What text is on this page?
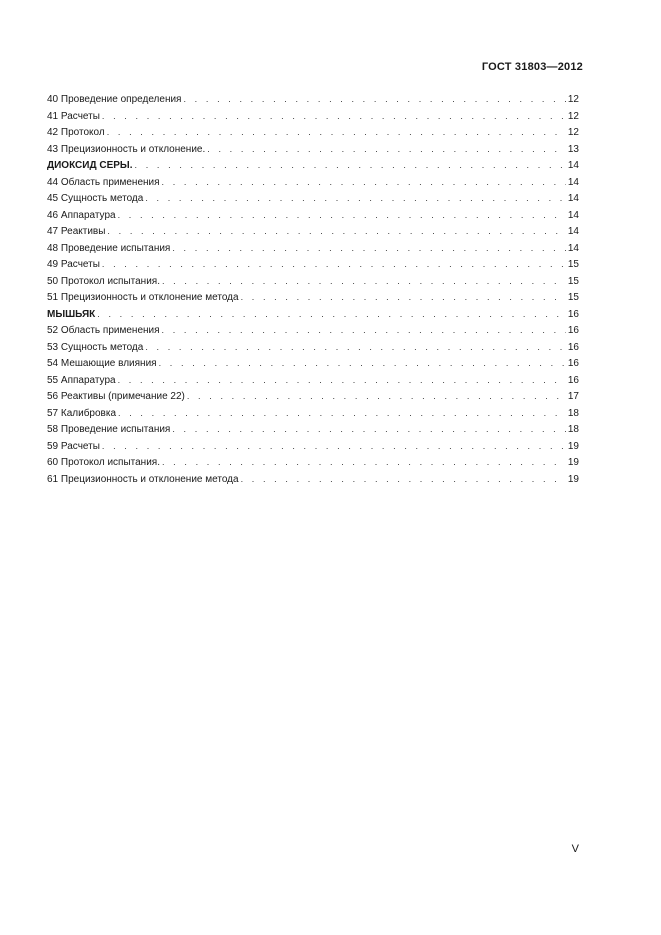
ГОСТ 31803—2012
40 Проведение определения . . .	12
41 Расчеты . . .	12
42 Протокол . . .	12
43 Прецизионность и отклонение. . . .	13
ДИОКСИД СЕРЫ. . . .	14
44 Область применения . . .	14
45 Сущность метода . . .	14
46 Аппаратура . . .	14
47 Реактивы . . .	14
48 Проведение испытания . . .	14
49 Расчеты . . .	15
50 Протокол испытания. . . .	15
51 Прецизионность и отклонение метода . . .	15
МЫШЬЯК . . .	16
52 Область применения . . .	16
53 Сущность метода . . .	16
54 Мешающие влияния . . .	16
55 Аппаратура . . .	16
56 Реактивы (примечание 22) . . .	17
57 Калибровка . . .	18
58 Проведение испытания . . .	18
59 Расчеты . . .	19
60 Протокол испытания. . . .	19
61 Прецизионность и отклонение метода . . .	19
V
